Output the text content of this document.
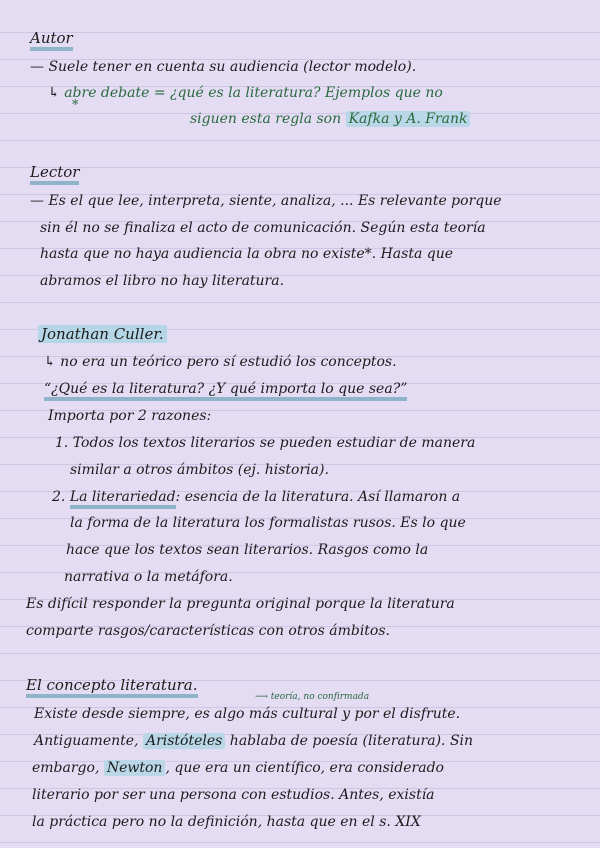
Autor
— Suele tener en cuenta su audiencia (lector modelo).
↳ abre debate = ¿qué es la literatura? Ejemplos que no
*
siguen esta regla son Kafka y A. Frank
Lector
— Es el que lee, interpreta, siente, analiza, ... Es relevante porque
sin él no se finaliza el acto de comunicación. Según esta teoría
hasta que no haya audiencia la obra no existe*. Hasta que
abramos el libro no hay literatura.
Jonathan Culler.
↳ no era un teórico pero sí estudió los conceptos.
“¿Qué es la literatura? ¿Y qué importa lo que sea?”
Importa por 2 razones:
1. Todos los textos literarios se pueden estudiar de manera
similar a otros ámbitos (ej. historia).
2. La literariedad: esencia de la literatura. Así llamaron a
la forma de la literatura los formalistas rusos. Es lo que
hace que los textos sean literarios. Rasgos como la
narrativa o la metáfora.
Es difícil responder la pregunta original porque la literatura
comparte rasgos/características con otros ámbitos.
El concepto literatura.
⟶ teoría, no confirmada
Existe desde siempre, es algo más cultural y por el disfrute.
Antiguamente, Aristóteles hablaba de poesía (literatura). Sin
embargo, Newton , que era un científico, era considerado
literario por ser una persona con estudios. Antes, existía
la práctica pero no la definición, hasta que en el s. XIX
